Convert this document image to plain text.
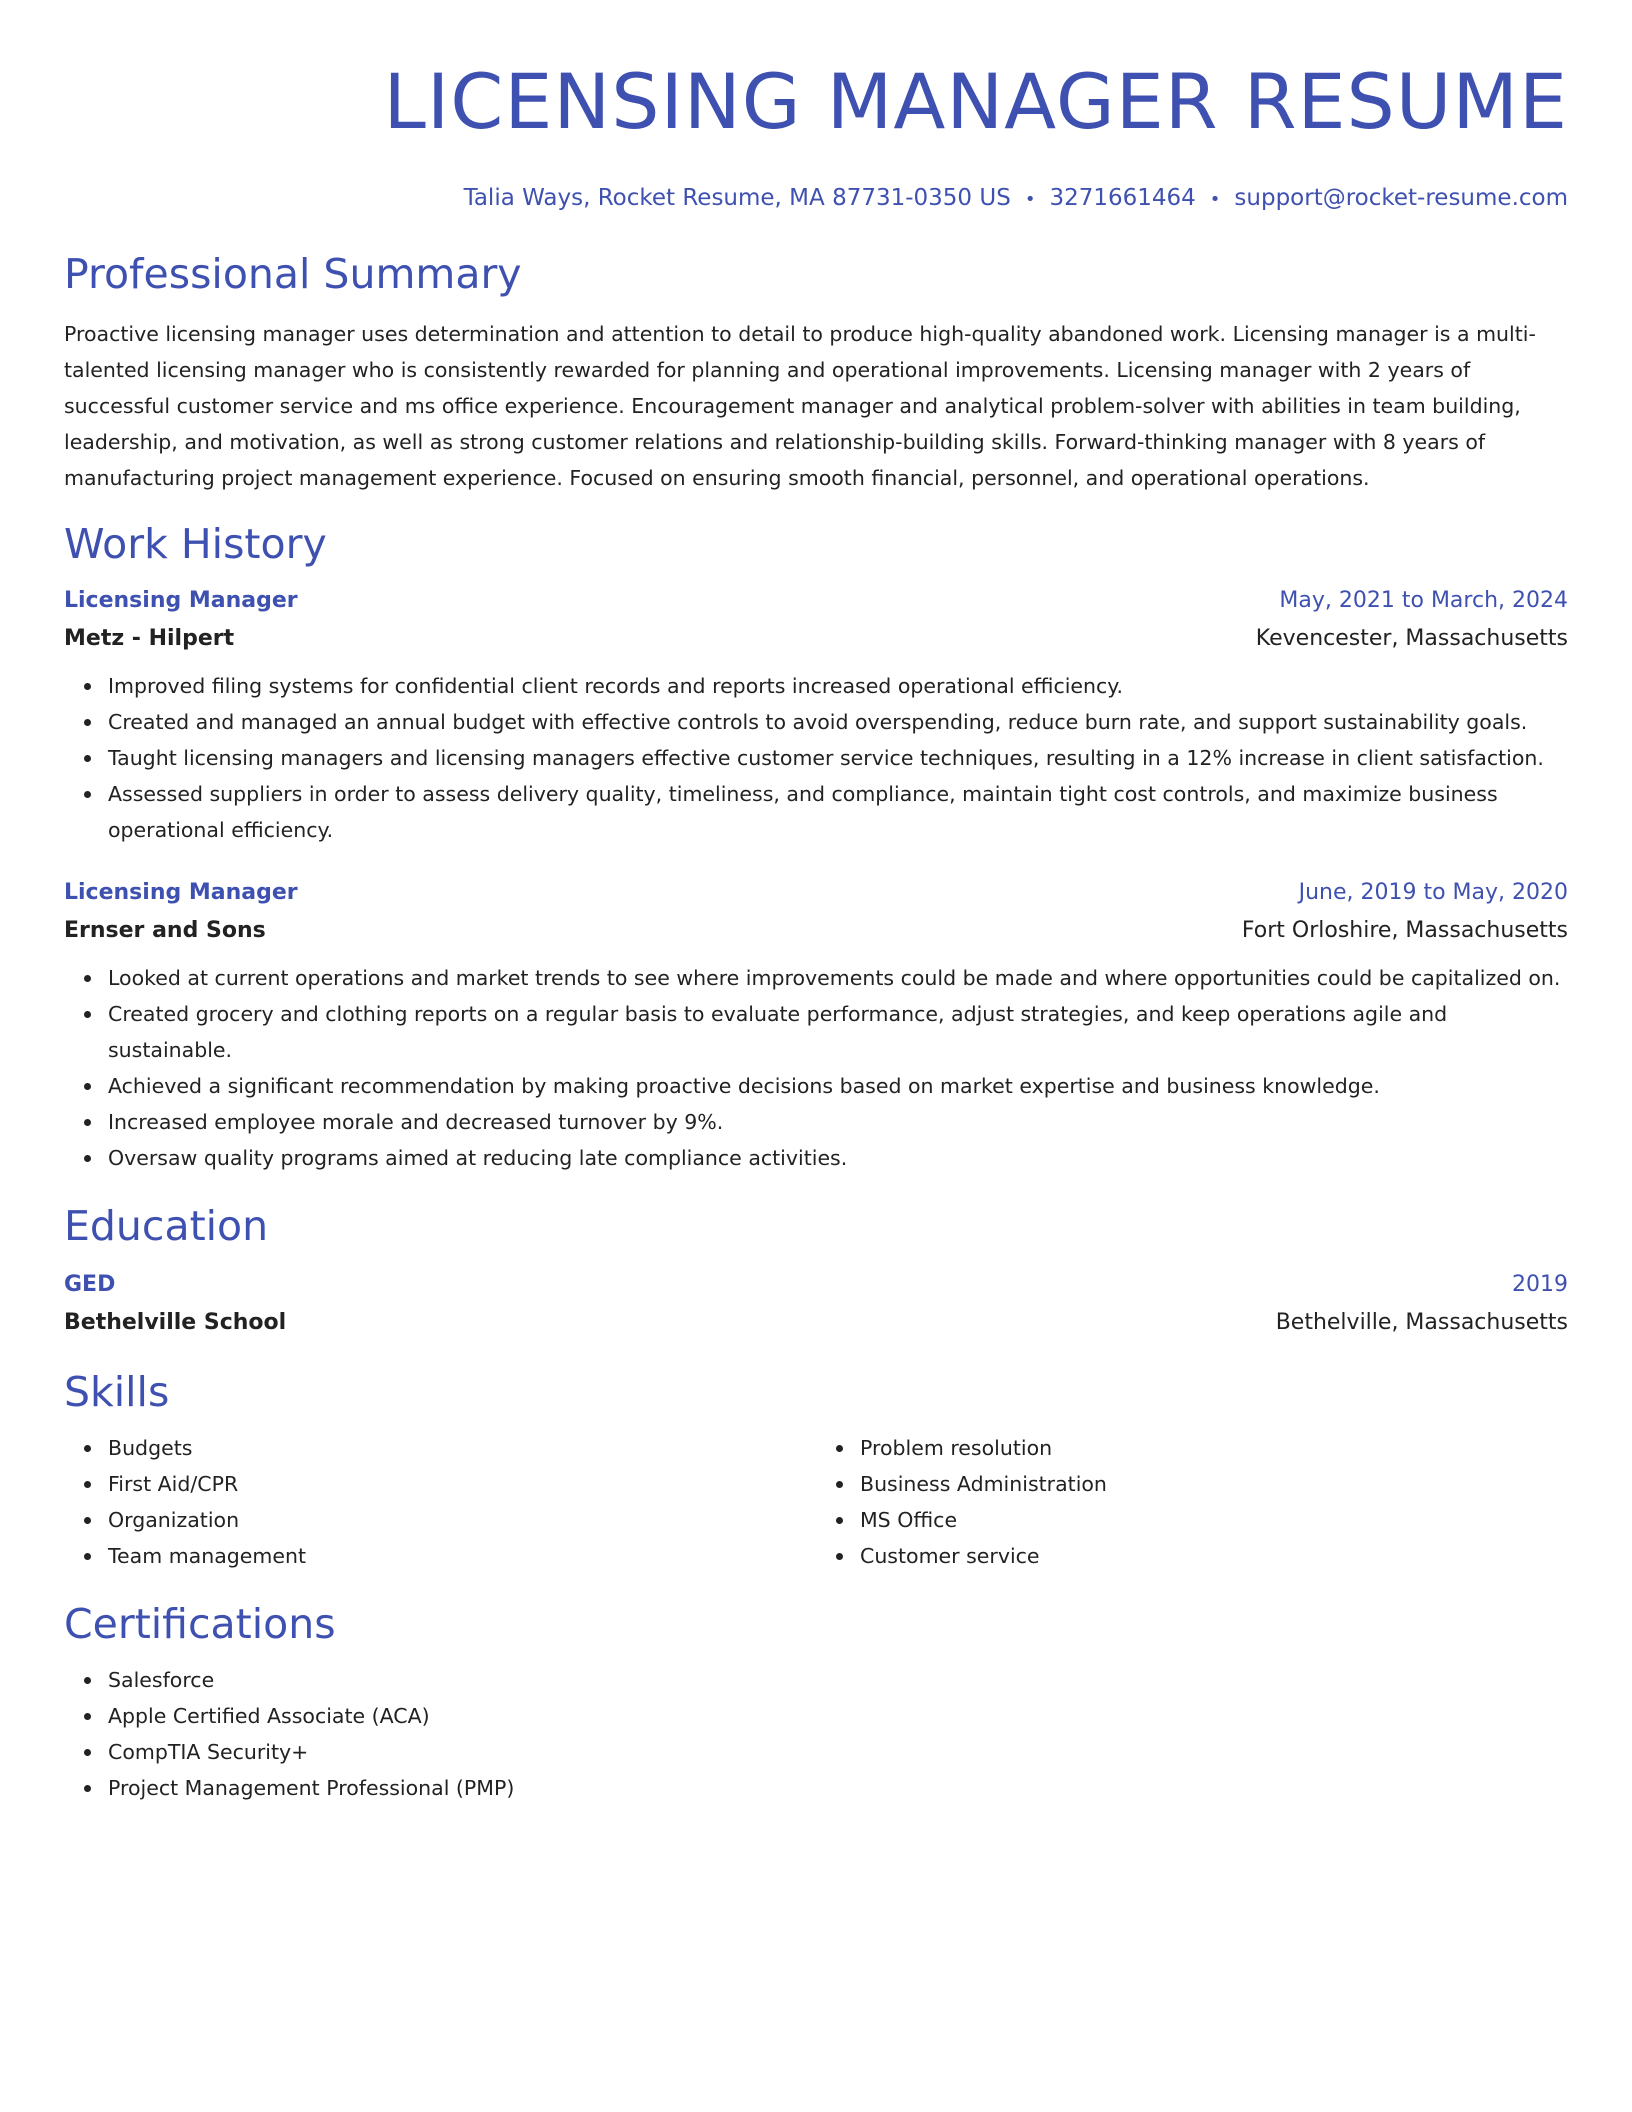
LICENSING MANAGER RESUME
Talia Ways, Rocket Resume, MA 87731-0350 US • 3271661464 • support@rocket-resume.com
Professional Summary
Proactive licensing manager uses determination and attention to detail to produce high-quality abandoned work. Licensing manager is a multi-talented licensing manager who is consistently rewarded for planning and operational improvements. Licensing manager with 2 years of successful customer service and ms office experience. Encouragement manager and analytical problem-solver with abilities in team building, leadership, and motivation, as well as strong customer relations and relationship-building skills. Forward-thinking manager with 8 years of manufacturing project management experience. Focused on ensuring smooth financial, personnel, and operational operations.
Work History
Licensing Manager	May, 2021 to March, 2024
Metz - Hilpert	Kevencester, Massachusetts
Improved filing systems for confidential client records and reports increased operational efficiency.
Created and managed an annual budget with effective controls to avoid overspending, reduce burn rate, and support sustainability goals.
Taught licensing managers and licensing managers effective customer service techniques, resulting in a 12% increase in client satisfaction.
Assessed suppliers in order to assess delivery quality, timeliness, and compliance, maintain tight cost controls, and maximize business operational efficiency.
Licensing Manager	June, 2019 to May, 2020
Ernser and Sons	Fort Orloshire, Massachusetts
Looked at current operations and market trends to see where improvements could be made and where opportunities could be capitalized on.
Created grocery and clothing reports on a regular basis to evaluate performance, adjust strategies, and keep operations agile and sustainable.
Achieved a significant recommendation by making proactive decisions based on market expertise and business knowledge.
Increased employee morale and decreased turnover by 9%.
Oversaw quality programs aimed at reducing late compliance activities.
Education
GED	2019
Bethelville School	Bethelville, Massachusetts
Skills
Budgets
First Aid/CPR
Organization
Team management
Problem resolution
Business Administration
MS Office
Customer service
Certifications
Salesforce
Apple Certified Associate (ACA)
CompTIA Security+
Project Management Professional (PMP)
